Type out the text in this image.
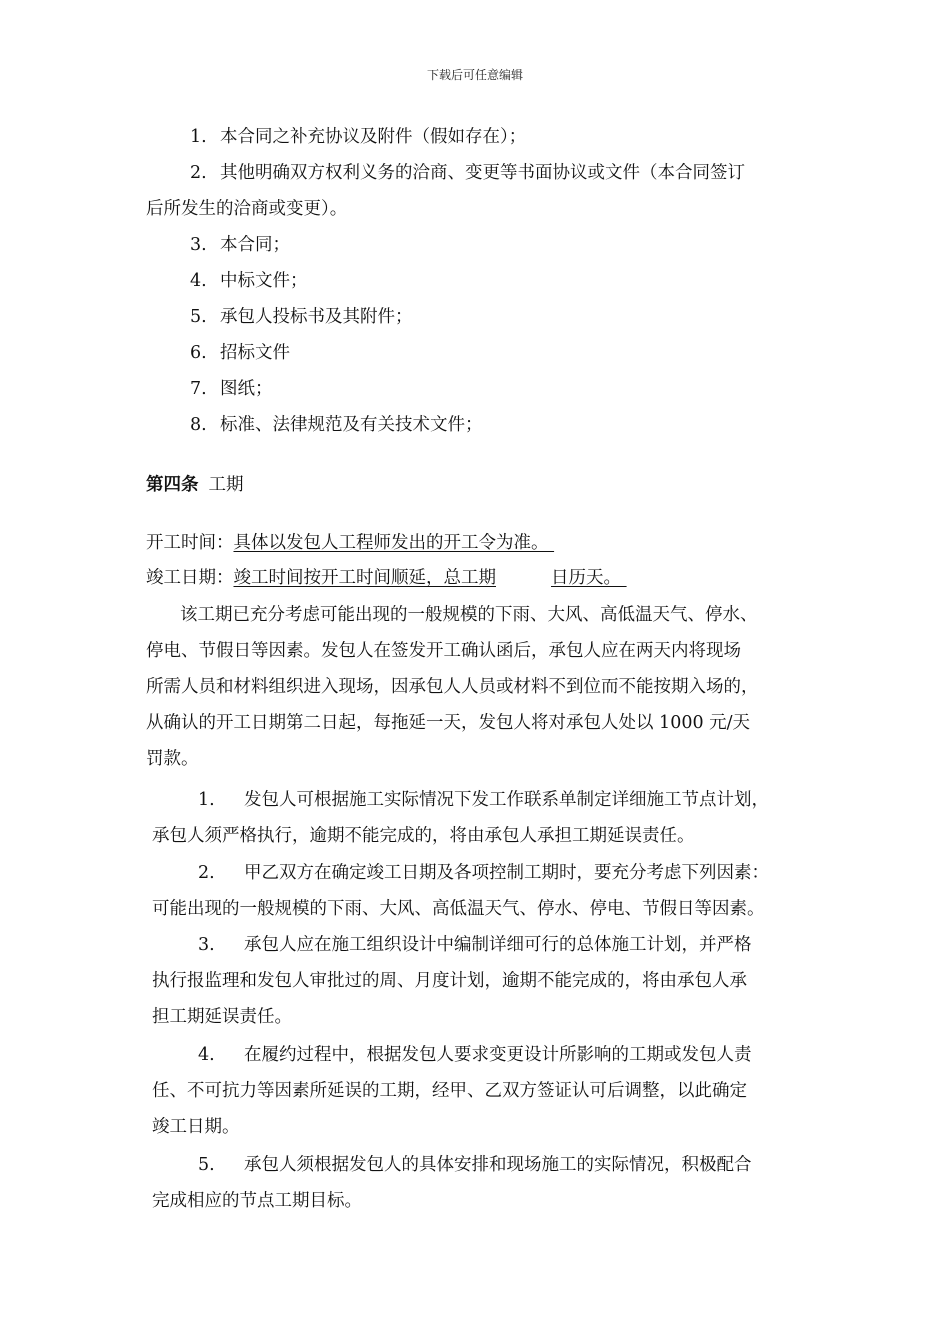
下载后可任意编辑
1. 本合同之补充协议及附件（假如存在）；
2. 其他明确双方权利义务的洽商、变更等书面协议或文件（本合同签订
后所发生的洽商或变更）。
3. 本合同；
4. 中标文件；
5. 承包人投标书及其附件；
6. 招标文件
7. 图纸；
8. 标准、法律规范及有关技术文件；
第四条 工期
开工时间：具体以发包人工程师发出的开工令为准。
竣工日期：竣工时间按开工时间顺延，总工期	日历天。
该工期已充分考虑可能出现的一般规模的下雨、大风、高低温天气、停水、
停电、节假日等因素。发包人在签发开工确认函后，承包人应在两天内将现场
所需人员和材料组织进入现场，因承包人人员或材料不到位而不能按期入场的，
从确认的开工日期第二日起，每拖延一天，发包人将对承包人处以 1000 元/天
罚款。
1. 发包人可根据施工实际情况下发工作联系单制定详细施工节点计划，
承包人须严格执行，逾期不能完成的，将由承包人承担工期延误责任。
2. 甲乙双方在确定竣工日期及各项控制工期时，要充分考虑下列因素：
可能出现的一般规模的下雨、大风、高低温天气、停水、停电、节假日等因素。
3. 承包人应在施工组织设计中编制详细可行的总体施工计划，并严格
执行报监理和发包人审批过的周、月度计划，逾期不能完成的，将由承包人承
担工期延误责任。
4. 在履约过程中，根据发包人要求变更设计所影响的工期或发包人责
任、不可抗力等因素所延误的工期，经甲、乙双方签证认可后调整，以此确定
竣工日期。
5. 承包人须根据发包人的具体安排和现场施工的实际情况，积极配合
完成相应的节点工期目标。
